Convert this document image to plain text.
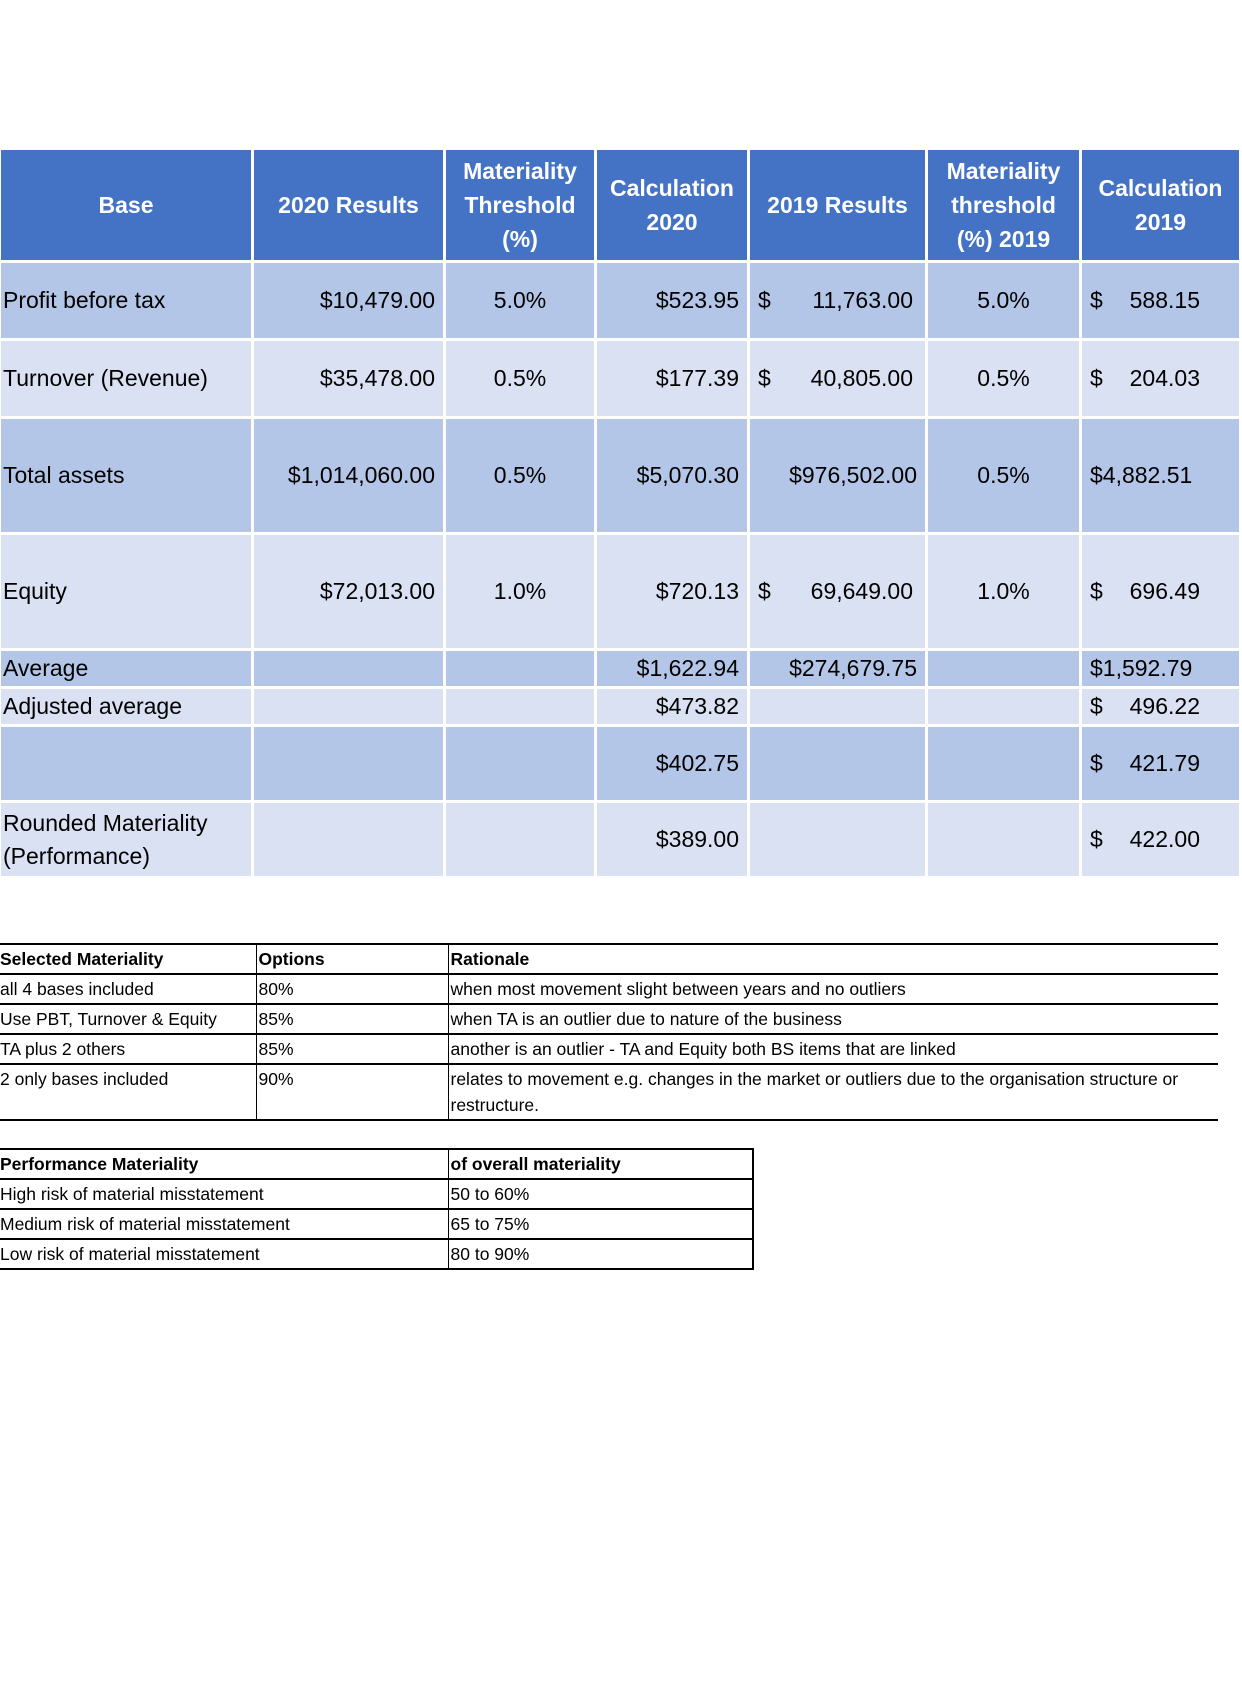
Base	2020 Results	Materiality Threshold (%)	Calculation 2020	2019 Results	Materiality threshold (%) 2019	Calculation 2019
Profit before tax	$10,479.00	5.0%	$523.95	$ 11,763.00	5.0%	$ 588.15
Turnover (Revenue)	$35,478.00	0.5%	$177.39	$ 40,805.00	0.5%	$ 204.03
Total assets	$1,014,060.00	0.5%	$5,070.30	$976,502.00	0.5%	$4,882.51
Equity	$72,013.00	1.0%	$720.13	$ 69,649.00	1.0%	$ 696.49
Average			$1,622.94	$274,679.75		$1,592.79
Adjusted average			$473.82			$ 496.22
			$402.75			$ 421.79
Rounded Materiality (Performance)			$389.00			$ 422.00
Selected Materiality	Options	Rationale
all 4 bases included	80%	when most movement slight between years and no outliers
Use PBT, Turnover & Equity	85%	when TA is an outlier due to nature of the business
TA plus 2 others	85%	another is an outlier - TA and Equity both BS items that are linked
2 only bases included	90%	relates to movement e.g. changes in the market or outliers due to the organisation structure or restructure.
Performance Materiality	of overall materiality
High risk of material misstatement	50 to 60%
Medium risk of material misstatement	65 to 75%
Low risk of material misstatement	80 to 90%
